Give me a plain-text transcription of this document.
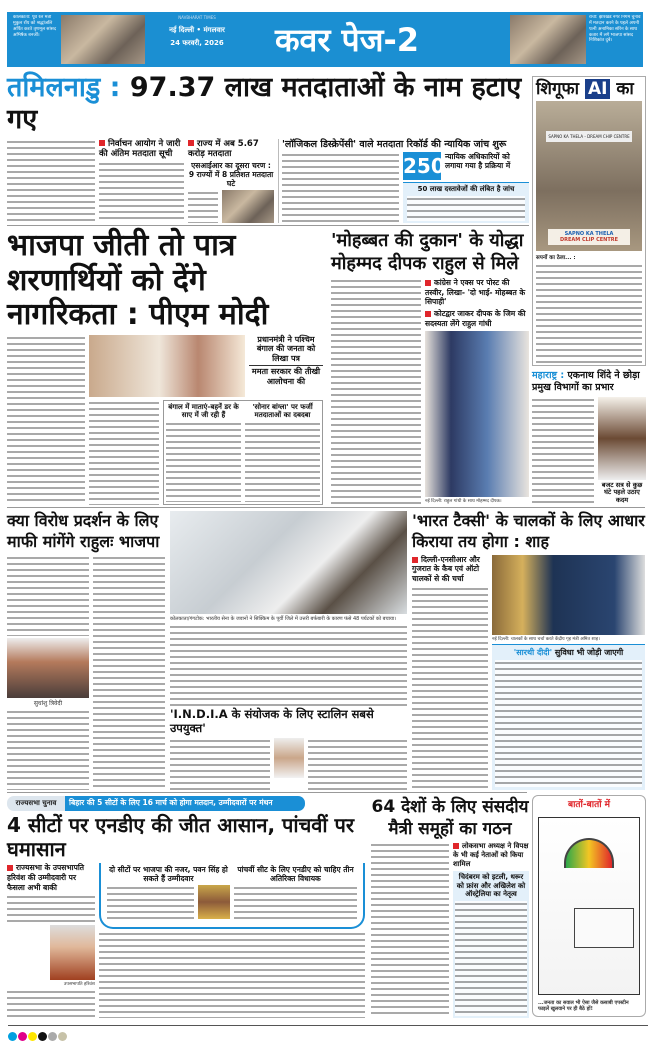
कोलकाता: पूर्व रेल मंत्री मुकुल रॉय को श्रद्धांजलि अर्पित करते तृणमूल सांसद अभिषेक बनर्जी।
NAVBHARAT TIMES
नई दिल्ली • मंगलवार
24 फरवरी, 2026	कवर पेज-2
रांची: झारखंड नगर निगम चुनाव में मतदान करने के पहले अपनी पत्नी अनामिका सोरेन के साथ कतार में लगे भाजपा सांसद निशिकांत दुबे।
तमिलनाडु : 97.37 लाख मतदाताओं के नाम हटाए गए
निर्वाचन आयोग ने जारी की अंतिम मतदाता सूची
राज्य में अब 5.67 करोड़ मतदाता
एसआईआर का दूसरा चरण : 9 राज्यों में 8 प्रतिशत मतदाता घटे
'लॉजिकल डिस्क्रेपेंसी' वाले मतदाता रिकॉर्ड की न्यायिक जांच शुरू
250 न्यायिक अधिकारियों को लगाया गया है प्रक्रिया में
50 लाख दस्तावेजों की लंबित है जांच
शिगूफा AI का
SAPNO KA THELA - DREAM CHIP CENTRE
SAPNO KA THELA
DREAM CLIP CENTRE
सपनों का ठेला... :
भाजपा जीती तो पात्र शरणार्थियों को देंगे नागरिकता : पीएम मोदी
प्रधानमंत्री ने पश्चिम बंगाल की जनता को लिखा पत्र
ममता सरकार की तीखी आलोचना की
बंगाल में माताएं-बहनें डर के साए में जी रही हैं
'सोनार बांग्ला' पर फर्जी मतदाताओं का दबदबा
'मोहब्बत की दुकान' के योद्धा मोहम्मद दीपक राहुल से मिले
कांग्रेस ने एक्स पर पोस्ट की तस्वीर, लिखा- 'दो भाई- मोहब्बत के सिपाही'
कोटद्वार जाकर दीपक के जिम की सदस्यता लेंगे राहुल गांधी
नई दिल्ली: राहुल गांधी के साथ मोहम्मद दीपक।
महाराष्ट्र : एकनाथ शिंदे ने छोड़ा प्रमुख विभागों का प्रभार
बजट सत्र से कुछ घंटे पहले उठाए कदम
क्या विरोध प्रदर्शन के लिए माफी मांगेंगे राहुलः भाजपा
सुधांशु त्रिवेदी
कोलकाता/गंगटोक: भारतीय सेना के जवानों ने सिक्किम के पूर्वी जिले में उत्तरी बर्फबारी के कारण फंसे 48 पर्यटकों को बचाया।
'I.N.D.I.A के संयोजक के लिए स्टालिन सबसे उपयुक्त'
'भारत टैक्सी' के चालकों के लिए आधार किराया तय होगा : शाह
दिल्ली-एनसीआर और गुजरात के कैब एवं ऑटो चालकों से की चर्चा
नई दिल्ली: चालकों के साथ चर्चा करते केंद्रीय गृह मंत्री अमित शाह।
'सारथी दीदी' सुविधा भी जोड़ी जाएगी
राज्यसभा चुनाव	बिहार की 5 सीटों के लिए 16 मार्च को होगा मतदान, उम्मीदवारों पर मंथन
4 सीटों पर एनडीए की जीत आसान, पांचवीं पर घमासान
राज्यसभा के उपसभापति हरिवंश की उम्मीदवारी पर फैसला अभी बाकी
उपसभापति हरिवंश
दो सीटों पर भाजपा की नजर, पवन सिंह हो सकते हैं उम्मीदवार
पांचवीं सीट के लिए एनडीए को चाहिए तीन अतिरिक्त विधायक
64 देशों के लिए संसदीय मैत्री समूहों का गठन
लोकसभा अध्यक्ष ने विपक्ष के भी कई नेताओं को किया शामिल
चिदंबरम को इटली, थरूर को फ्रांस और अखिलेश को ऑस्ट्रेलिया का नेतृत्व
बातों-बातों में
...जनता का सवाल भी ऐसा जैसे कसाबी एपस्टीन फाइलें खुलवाने पर ही बैठे हों!
